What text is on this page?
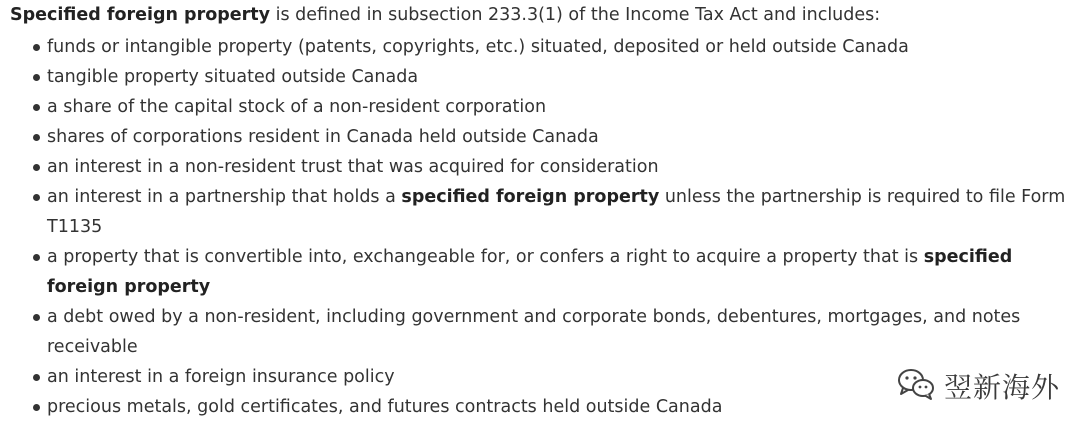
Specified foreign property is defined in subsection 233.3(1) of the Income Tax Act and includes:

funds or intangible property (patents, copyrights, etc.) situated, deposited or held outside Canada
tangible property situated outside Canada
a share of the capital stock of a non-resident corporation
shares of corporations resident in Canada held outside Canada
an interest in a non-resident trust that was acquired for consideration
an interest in a partnership that holds a specified foreign property unless the partnership is required to file Form T1135
a property that is convertible into, exchangeable for, or confers a right to acquire a property that is specified foreign property
a debt owed by a non-resident, including government and corporate bonds, debentures, mortgages, and notes receivable
an interest in a foreign insurance policy
precious metals, gold certificates, and futures contracts held outside Canada
翌新海外
